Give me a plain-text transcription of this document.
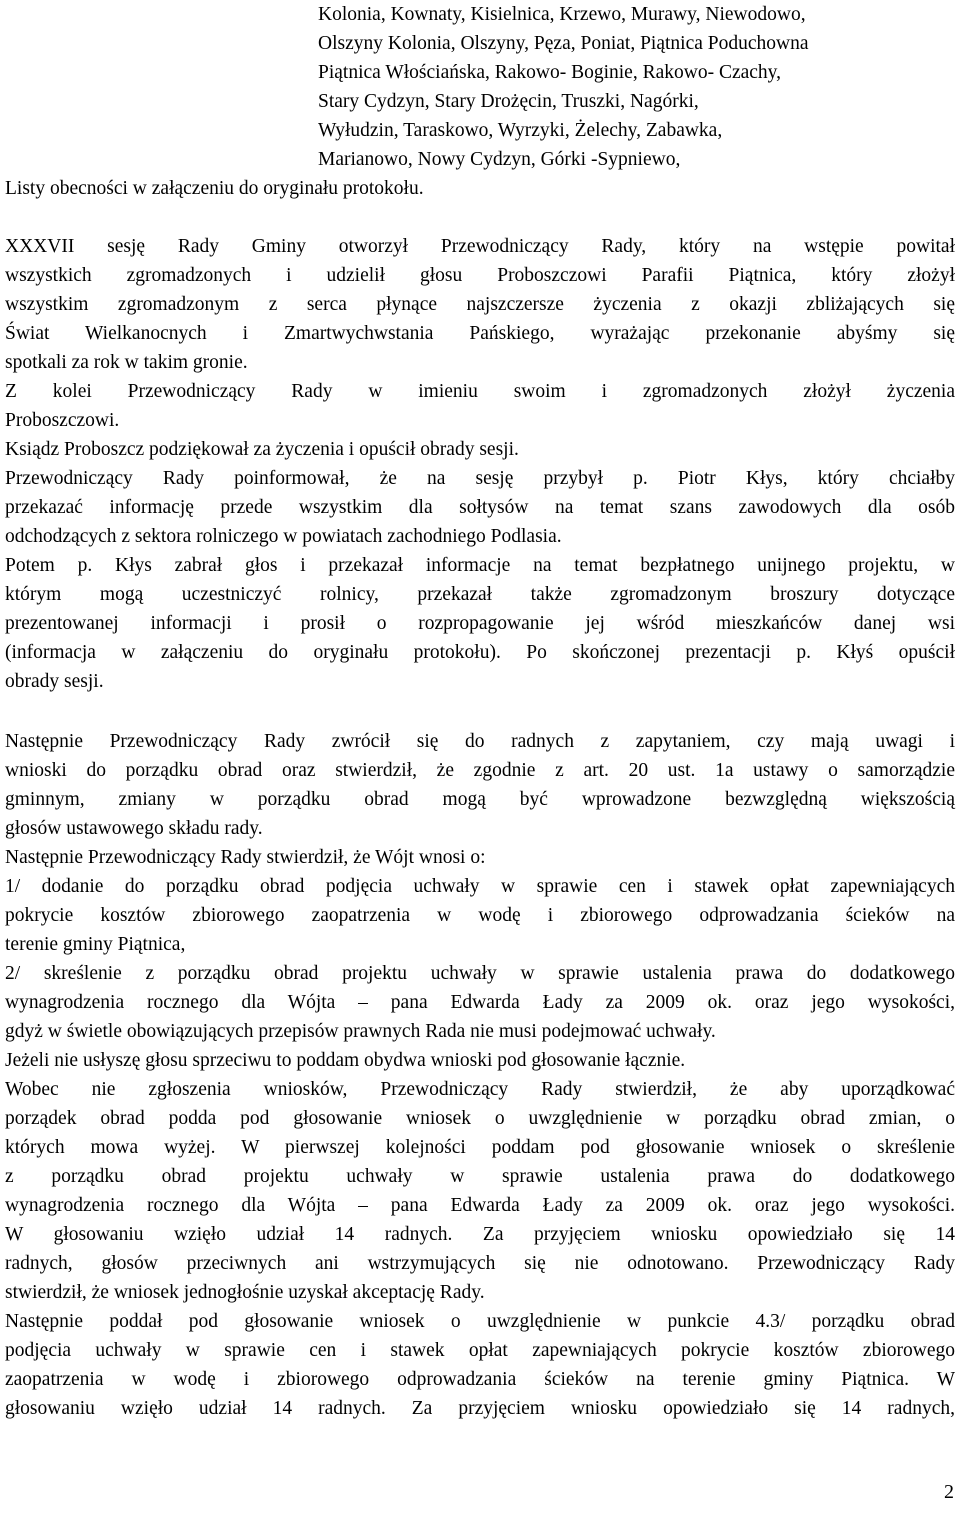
Kolonia, Kownaty, Kisielnica, Krzewo, Murawy, Niewodowo,
Olszyny Kolonia, Olszyny, Pęza, Poniat, Piątnica Poduchowna
Piątnica Włościańska, Rakowo- Boginie, Rakowo- Czachy,
Stary Cydzyn, Stary Drożęcin, Truszki, Nagórki,
Wyłudzin, Taraskowo, Wyrzyki, Żelechy, Zabawka,
Marianowo, Nowy Cydzyn, Górki -Sypniewo,
Listy obecności w załączeniu do oryginału protokołu.
XXXVII sesję Rady Gminy otworzył Przewodniczący Rady, który na wstępie powitał
wszystkich zgromadzonych i udzielił głosu Proboszczowi Parafii Piątnica, który złożył
wszystkim zgromadzonym z serca płynące najszczersze życzenia z okazji zbliżających się
Świat Wielkanocnych i Zmartwychwstania Pańskiego, wyrażając przekonanie abyśmy się
spotkali za rok w takim gronie.
Z kolei Przewodniczący Rady w imieniu swoim i zgromadzonych złożył życzenia
Proboszczowi.
Ksiądz Proboszcz podziękował za życzenia i opuścił obrady sesji.
Przewodniczący Rady poinformował, że na sesję przybył p. Piotr Kłys, który chciałby
przekazać informację przede wszystkim dla sołtysów na temat szans zawodowych dla osób
odchodzących z sektora rolniczego w powiatach zachodniego Podlasia.
Potem p. Kłys zabrał głos i przekazał informacje na temat bezpłatnego unijnego projektu, w
którym mogą uczestniczyć rolnicy, przekazał także zgromadzonym broszury dotyczące
prezentowanej informacji i prosił o rozpropagowanie jej wśród mieszkańców danej wsi
(informacja w załączeniu do oryginału protokołu). Po skończonej prezentacji p. Kłyś opuścił
obrady sesji.
Następnie Przewodniczący Rady zwrócił się do radnych z zapytaniem, czy mają uwagi i
wnioski do porządku obrad oraz stwierdził, że zgodnie z art. 20 ust. 1a ustawy o samorządzie
gminnym, zmiany w porządku obrad mogą być wprowadzone bezwzględną większością
głosów ustawowego składu rady.
Następnie Przewodniczący Rady stwierdził, że Wójt wnosi o:
1/ dodanie do porządku obrad podjęcia uchwały w sprawie cen i stawek opłat zapewniających
pokrycie kosztów zbiorowego zaopatrzenia w wodę i zbiorowego odprowadzania ścieków na
terenie gminy Piątnica,
2/ skreślenie z porządku obrad projektu uchwały w sprawie ustalenia prawa do dodatkowego
wynagrodzenia rocznego dla Wójta – pana Edwarda Łady za 2009 ok. oraz jego wysokości,
gdyż w świetle obowiązujących przepisów prawnych Rada nie musi podejmować uchwały.
Jeżeli nie usłyszę głosu sprzeciwu to poddam obydwa wnioski pod głosowanie łącznie.
Wobec nie zgłoszenia wniosków, Przewodniczący Rady stwierdził, że aby uporządkować
porządek obrad podda pod głosowanie wniosek o uwzględnienie w porządku obrad zmian, o
których mowa wyżej. W pierwszej kolejności poddam pod głosowanie wniosek o skreślenie
z porządku obrad projektu uchwały w sprawie ustalenia prawa do dodatkowego
wynagrodzenia rocznego dla Wójta – pana Edwarda Łady za 2009 ok. oraz jego wysokości.
W głosowaniu wzięło udział 14 radnych. Za przyjęciem wniosku opowiedziało się 14
radnych, głosów przeciwnych ani wstrzymujących się nie odnotowano. Przewodniczący Rady
stwierdził, że wniosek jednogłośnie uzyskał akceptację Rady.
Następnie poddał pod głosowanie wniosek o uwzględnienie w punkcie 4.3/ porządku obrad
podjęcia uchwały w sprawie cen i stawek opłat zapewniających pokrycie kosztów zbiorowego
zaopatrzenia w wodę i zbiorowego odprowadzania ścieków na terenie gminy Piątnica. W
głosowaniu wzięło udział 14 radnych. Za przyjęciem wniosku opowiedziało się 14 radnych,
2
